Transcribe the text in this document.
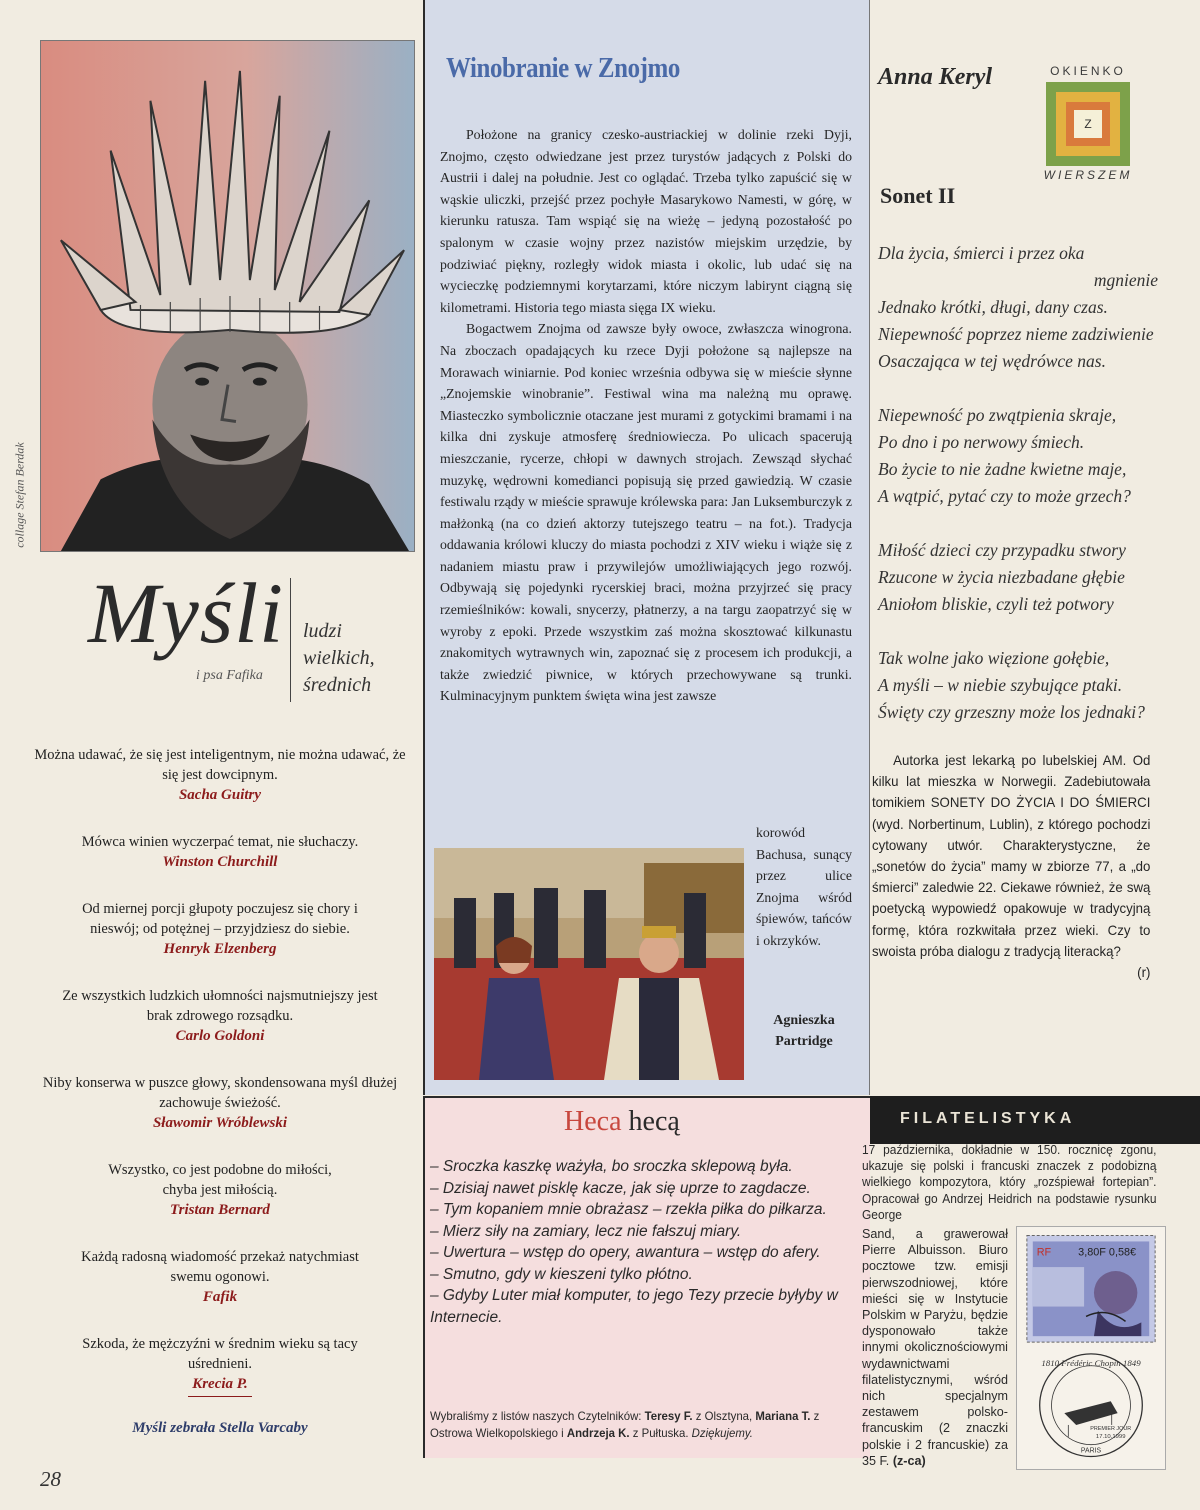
collage Stefan Berdak
Myśli ludzi
wielkich,
średnich
i psa Fafika
Można udawać, że się jest inteligentnym, nie można udawać, że się jest dowcipnym.
Sacha Guitry
Mówca winien wyczerpać temat, nie słuchaczy.
Winston Churchill
Od miernej porcji głupoty poczujesz się chory i nieswój; od potężnej – przyjdziesz do siebie.
Henryk Elzenberg
Ze wszystkich ludzkich ułomności najsmutniejszy jest brak zdrowego rozsądku.
Carlo Goldoni
Niby konserwa w puszce głowy, skondensowana myśl dłużej zachowuje świeżość.
Sławomir Wróblewski
Wszystko, co jest podobne do miłości, chyba jest miłością.
Tristan Bernard
Każdą radosną wiadomość przekaż natychmiast swemu ogonowi.
Fafik
Szkoda, że mężczyźni w średnim wieku są tacy uśrednieni.
Krecia P.
Myśli zebrała Stella Varcaby
28
Winobranie w Znojmo

Położone na granicy czesko-austriackiej w dolinie rzeki Dyji, Znojmo, często odwiedzane jest przez turystów jadących z Polski do Austrii i dalej na południe. Jest co oglądać. Trzeba tylko zapuścić się w wąskie uliczki, przejść przez pochyłe Masarykowo Namesti, w górę, w kierunku ratusza. Tam wspiąć się na wieżę – jedyną pozostałość po spalonym w czasie wojny przez nazistów miejskim urzędzie, by podziwiać piękny, rozległy widok miasta i okolic, lub udać się na wycieczkę podziemnymi korytarzami, które niczym labirynt ciągną się kilometrami. Historia tego miasta sięga IX wieku.

Bogactwem Znojma od zawsze były owoce, zwłaszcza winogrona. Na zboczach opadających ku rzece Dyji położone są najlepsze na Morawach winiarnie. Pod koniec września odbywa się w mieście słynne „Znojemskie winobranie”. Festiwal wina ma należną mu oprawę. Miasteczko symbolicznie otaczane jest murami z gotyckimi bramami i na kilka dni zyskuje atmosferę średniowiecza. Po ulicach spacerują mieszczanie, rycerze, chłopi w dawnych strojach. Zewsząd słychać muzykę, wędrowni komedianci popisują się przed gawiedzią. W czasie festiwalu rządy w mieście sprawuje królewska para: Jan Luksemburczyk z małżonką (na co dzień aktorzy tutejszego teatru – na fot.). Tradycja oddawania królowi kluczy do miasta pochodzi z XIV wieku i wiąże się z nadaniem miastu praw i przywilejów umożliwiających jego rozwój. Odbywają się pojedynki rycerskiej braci, można przyjrzeć się pracy rzemieślników: kowali, snycerzy, płatnerzy, a na targu zaopatrzyć się w wyroby z epoki. Przede wszystkim zaś można skosztować kilkunastu znakomitych wytrawnych win, zapoznać się z procesem ich produkcji, a także zwiedzić piwnice, w których przechowywane są trunki. Kulminacyjnym punktem święta wina jest zawsze

korowód Bachusa, sunący przez ulice Znojma wśród śpiewów, tańców i okrzyków.
Agnieszka
Partridge
Anna Keryl	OKIENKO
Z
WIERSZEM
Sonet II
Dla życia, śmierci i przez oka
mgnienie
Jednako krótki, długi, dany czas.
Niepewność poprzez nieme zadziwienie
Osaczająca w tej wędrówce nas.
Niepewność po zwątpienia skraje,
Po dno i po nerwowy śmiech.
Bo życie to nie żadne kwietne maje,
A wątpić, pytać czy to może grzech?
Miłość dzieci czy przypadku stwory
Rzucone w życia niezbadane głębie
Aniołom bliskie, czyli też potwory
Tak wolne jako więzione gołębie,
A myśli – w niebie szybujące ptaki.
Święty czy grzeszny może los jednaki?
Autorka jest lekarką po lubelskiej AM. Od kilku lat mieszka w Norwegii. Zadebiutowała tomikiem SONETY DO ŻYCIA I DO ŚMIERCI (wyd. Norbertinum, Lublin), z którego pochodzi cytowany utwór. Charakterystyczne, że „sonetów do życia” mamy w zbiorze 77, a „do śmierci” zaledwie 22. Ciekawe również, że swą poetycką wypowiedź opakowuje w tradycyjną formę, która rozkwitała przez wieki. Czy to swoista próba dialogu z tradycją literacką?
(r)
Heca hecą
– Sroczka kaszkę ważyła, bo sroczka sklepową była.
– Dzisiaj nawet pisklę kacze, jak się uprze to zagdacze.
– Tym kopaniem mnie obrażasz – rzekła piłka do piłkarza.
– Mierz siły na zamiary, lecz nie fałszuj miary.
– Uwertura – wstęp do opery, awantura – wstęp do afery.
– Smutno, gdy w kieszeni tylko płótno.
– Gdyby Luter miał komputer, to jego Tezy przecie byłyby w Internecie.
Wybraliśmy z listów naszych Czytelników: Teresy F. z Olsztyna, Mariana T. z Ostrowa Wielkopolskiego i Andrzeja K. z Pułtuska. Dziękujemy.
FILATELISTYKA
17 października, dokładnie w 150. rocznicę zgonu, ukazuje się polski i francuski znaczek z podobizną wielkiego kompozytora, który „rozśpiewał fortepian”. Opracował go Andrzej Heidrich na podstawie rysunku George
Sand, a grawerował Pierre Albuisson. Biuro pocztowe tzw. emisji pierwszodniowej, które mieści się w Instytucie Polskim w Paryżu, będzie dysponowało także innymi okolicznościowymi wydawnictwami filatelistycznymi, wśród nich specjalnym zestawem polsko-francuskim (2 znaczki polskie i 2 francuskie) za 35 F. (z-ca)
RF 3,80F 0,58€
1810 Frédéric Chopin 1849
PREMIER JOUR
17.10.1999
PARIS
